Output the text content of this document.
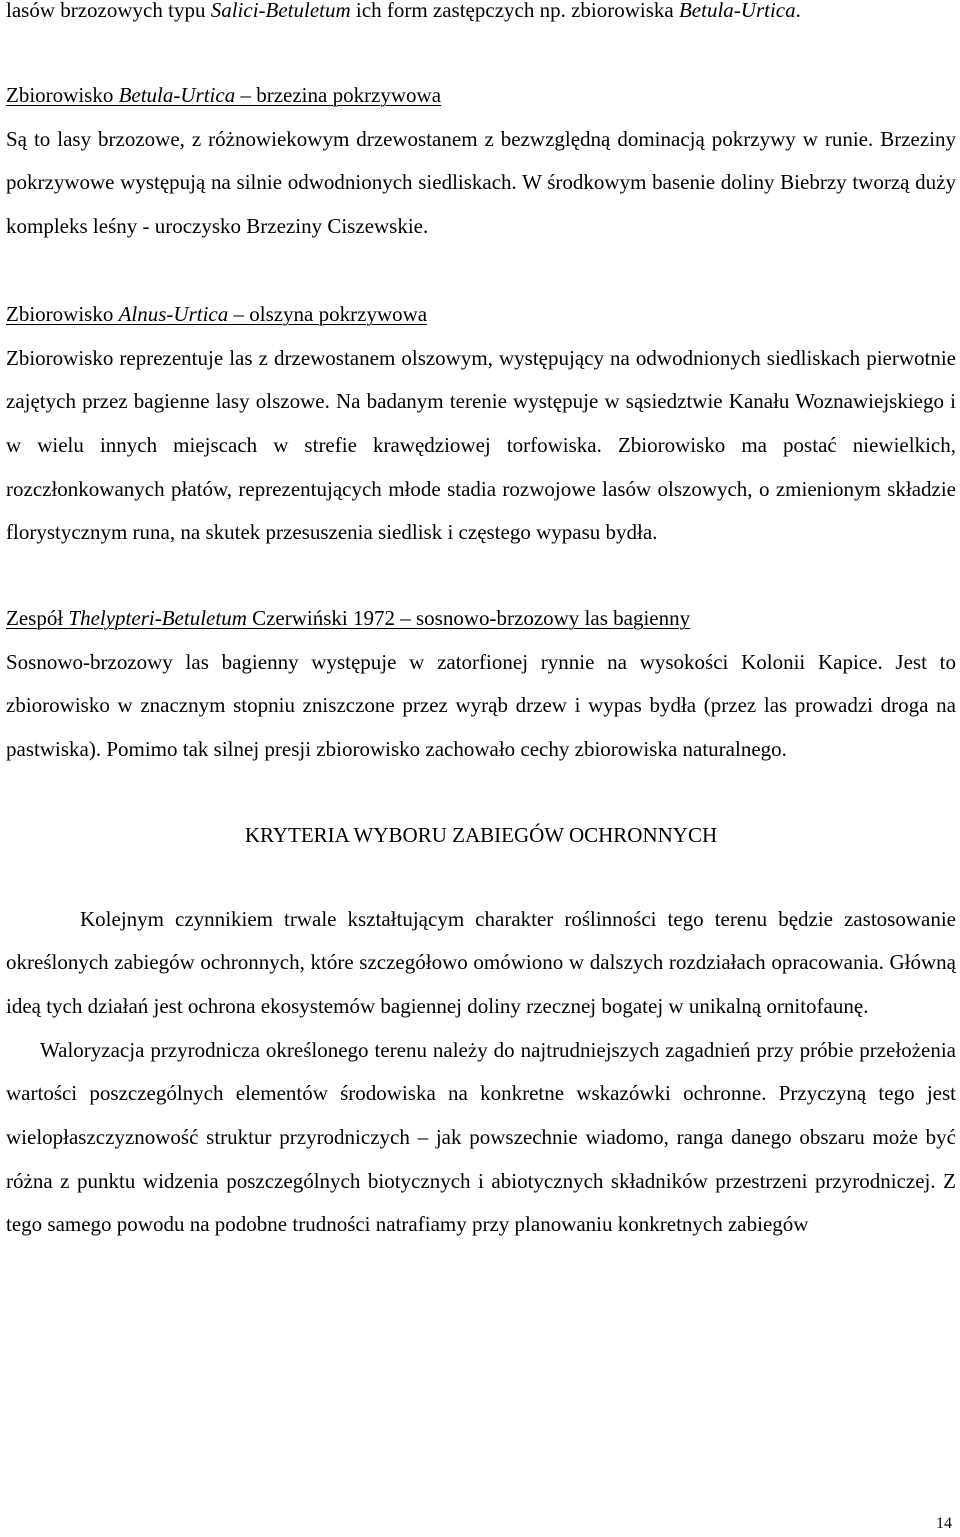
lasów brzozowych typu Salici-Betuletum ich form zastępczych np. zbiorowiska Betula-Urtica.

Zbiorowisko Betula-Urtica – brzezina pokrzywowa

Są to lasy brzozowe, z różnowiekowym drzewostanem z bezwzględną dominacją pokrzywy w runie. Brzeziny pokrzywowe występują na silnie odwodnionych siedliskach. W środkowym basenie doliny Biebrzy tworzą duży kompleks leśny - uroczysko Brzeziny Ciszewskie.

Zbiorowisko Alnus-Urtica – olszyna pokrzywowa

Zbiorowisko reprezentuje las z drzewostanem olszowym, występujący na odwodnionych siedliskach pierwotnie zajętych przez bagienne lasy olszowe. Na badanym terenie występuje w sąsiedztwie Kanału Woznawiejskiego i w wielu innych miejscach w strefie krawędziowej torfowiska. Zbiorowisko ma postać niewielkich, rozczłonkowanych płatów, reprezentujących młode stadia rozwojowe lasów olszowych, o zmienionym składzie florystycznym runa, na skutek przesuszenia siedlisk i częstego wypasu bydła.

Zespół Thelypteri-Betuletum Czerwiński 1972 – sosnowo-brzozowy las bagienny

Sosnowo-brzozowy las bagienny występuje w zatorfionej rynnie na wysokości Kolonii Kapice. Jest to zbiorowisko w znacznym stopniu zniszczone przez wyrąb drzew i wypas bydła (przez las prowadzi droga na pastwiska). Pomimo tak silnej presji zbiorowisko zachowało cechy zbiorowiska naturalnego.

KRYTERIA WYBORU ZABIEGÓW OCHRONNYCH

Kolejnym czynnikiem trwale kształtującym charakter roślinności tego terenu będzie zastosowanie określonych zabiegów ochronnych, które szczegółowo omówiono w dalszych rozdziałach opracowania. Główną ideą tych działań jest ochrona ekosystemów bagiennej doliny rzecznej bogatej w unikalną ornitofaunę.

Waloryzacja przyrodnicza określonego terenu należy do najtrudniejszych zagadnień przy próbie przełożenia wartości poszczególnych elementów środowiska na konkretne wskazówki ochronne. Przyczyną tego jest wielopłaszczyznowość struktur przyrodniczych – jak powszechnie wiadomo, ranga danego obszaru może być różna z punktu widzenia poszczególnych biotycznych i abiotycznych składników przestrzeni przyrodniczej. Z tego samego powodu na podobne trudności natrafiamy przy planowaniu konkretnych zabiegów

14
